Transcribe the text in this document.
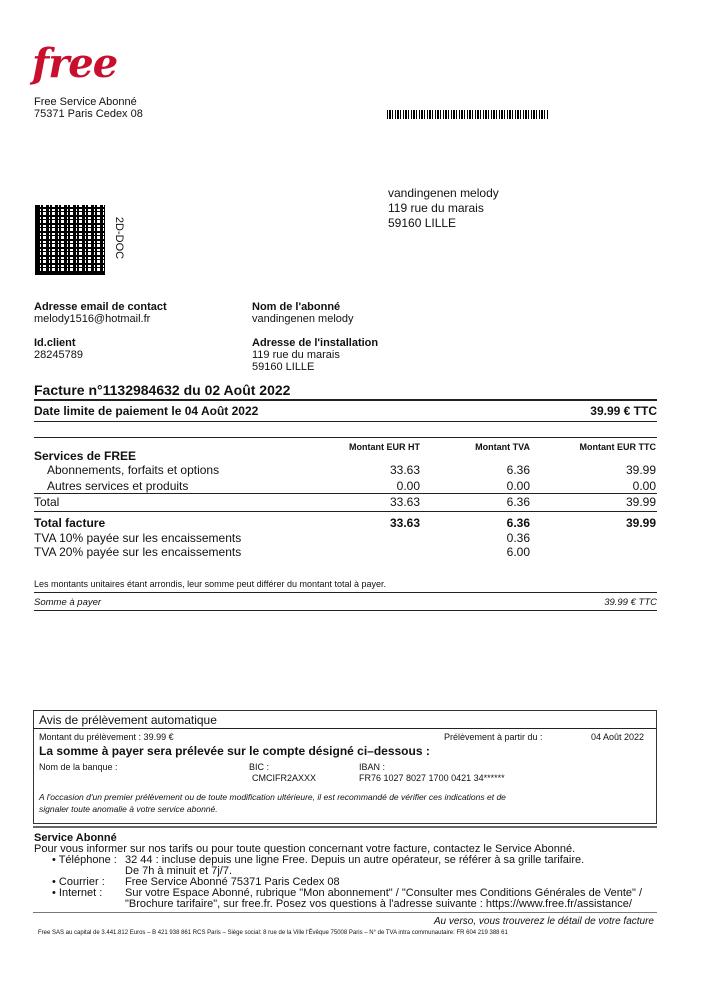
free
Free Service Abonné
75371 Paris Cedex 08
vandingenen melody
119 rue du marais
59160 LILLE
2D-DOC
Adresse email de contact
melody1516@hotmail.fr
Nom de l'abonné
vandingenen melody
Id.client
28245789
Adresse de l'installation
119 rue du marais
59160 LILLE
Facture n°1132984632 du 02 Août 2022
Date limite de paiement le 04 Août 2022	39.99 € TTC
Montant EUR HT	Montant TVA	Montant EUR TTC
Services de FREE
Abonnements, forfaits et options	33.63	6.36	39.99
Autres services et produits	0.00	0.00	0.00
Total	33.63	6.36	39.99
Total facture	33.63	6.36	39.99
TVA 10% payée sur les encaissements	0.36
TVA 20% payée sur les encaissements	6.00
Les montants unitaires étant arrondis, leur somme peut différer du montant total à payer.
Somme à payer	39.99 € TTC
Avis de prélèvement automatique
Montant du prélèvement : 39.99 €	Prélèvement à partir du :	04 Août 2022
La somme à payer sera prélevée sur le compte désigné ci–dessous :
Nom de la banque :	BIC :
CMCIFR2AXXX
IBAN :
FR76 1027 8027 1700 0421 34******
A l'occasion d'un premier prélèvement ou de toute modification ultérieure, il est recommandé de vérifier ces indications et de
signaler toute anomalie à votre service abonné.
Service Abonné
Pour vous informer sur nos tarifs ou pour toute question concernant votre facture, contactez le Service Abonné.
• Téléphone :

• Courrier :
• Internet :
32 44 : incluse depuis une ligne Free. Depuis un autre opérateur, se référer à sa grille tarifaire.
De 7h à minuit et 7j/7.
Free Service Abonné 75371 Paris Cedex 08
Sur votre Espace Abonné, rubrique "Mon abonnement" / "Consulter mes Conditions Générales de Vente" /
"Brochure tarifaire", sur free.fr. Posez vos questions à l'adresse suivante : https://www.free.fr/assistance/
Au verso, vous trouverez le détail de votre facture
Free SAS au capital de 3.441.812 Euros – B 421 938 861 RCS Paris – Siège social: 8 rue de la Ville l'Évêque 75008 Paris – N° de TVA intra communautaire: FR 604 219 388 61
